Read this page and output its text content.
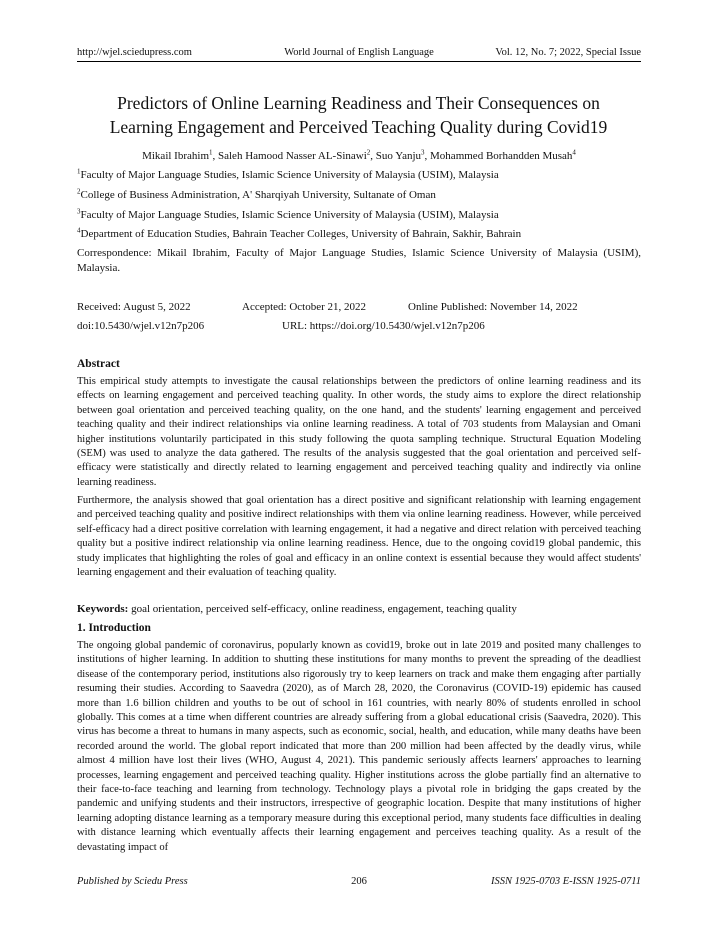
http://wjel.sciedupress.com	World Journal of English Language	Vol. 12, No. 7; 2022, Special Issue
Predictors of Online Learning Readiness and Their Consequences on
Learning Engagement and Perceived Teaching Quality during Covid19
Mikail Ibrahim$^1$, Saleh Hamood Nasser AL-Sinawi$^2$, Suo Yanju$^3$, Mohammed Borhandden Musah$^4$
$^1$Faculty of Major Language Studies, Islamic Science University of Malaysia (USIM), Malaysia
$^2$College of Business Administration, A' Sharqiyah University, Sultanate of Oman
$^3$Faculty of Major Language Studies, Islamic Science University of Malaysia (USIM), Malaysia
$^4$Department of Education Studies, Bahrain Teacher Colleges, University of Bahrain, Sakhir, Bahrain
Correspondence: Mikail Ibrahim, Faculty of Major Language Studies, Islamic Science University of Malaysia (USIM), Malaysia.
Received: August 5, 2022	Accepted: October 21, 2022	Online Published: November 14, 2022
doi:10.5430/wjel.v12n7p206	URL: https://doi.org/10.5430/wjel.v12n7p206
Abstract

This empirical study attempts to investigate the causal relationships between the predictors of online learning readiness and its effects on learning engagement and perceived teaching quality. In other words, the study aims to explore the direct relationship between goal orientation and perceived teaching quality, on the one hand, and the students' learning engagement and perceived teaching quality and their indirect relationships via online learning readiness. A total of 703 students from Malaysian and Omani higher institutions voluntarily participated in this study following the quota sampling technique. Structural Equation Modeling (SEM) was used to analyze the data gathered. The results of the analysis suggested that the goal orientation and perceived self-efficacy were statistically and directly related to learning engagement and perceived teaching quality and indirectly via online learning readiness.

Furthermore, the analysis showed that goal orientation has a direct positive and significant relationship with learning engagement and perceived teaching quality and positive indirect relationships with them via online learning readiness. However, while perceived self-efficacy had a direct positive correlation with learning engagement, it had a negative and direct relation with perceived teaching quality but a positive indirect relationship via online learning readiness. Hence, due to the ongoing covid19 global pandemic, this study implicates that highlighting the roles of goal and efficacy in an online context is essential because they would affect students' learning engagement and their evaluation of teaching quality.

Keywords: goal orientation, perceived self-efficacy, online readiness, engagement, teaching quality
1. Introduction

The ongoing global pandemic of coronavirus, popularly known as covid19, broke out in late 2019 and posited many challenges to institutions of higher learning. In addition to shutting these institutions for many months to prevent the spreading of the deadliest disease of the contemporary period, institutions also rigorously try to keep learners on track and make them engaging after partially resuming their studies. According to Saavedra (2020), as of March 28, 2020, the Coronavirus (COVID-19) epidemic has caused more than 1.6 billion children and youths to be out of school in 161 countries, with nearly 80% of students enrolled in school globally. This comes at a time when different countries are already suffering from a global educational crisis (Saavedra, 2020). This virus has become a threat to humans in many aspects, such as economic, social, health, and education, while many deaths have been recorded around the world. The global report indicated that more than 200 million had been affected by the deadly virus, while almost 4 million have lost their lives (WHO, August 4, 2021). This pandemic seriously affects learners' approaches to learning processes, learning engagement and perceived teaching quality. Higher institutions across the globe partially find an alternative to their face-to-face teaching and learning from technology. Technology plays a pivotal role in bridging the gaps created by the pandemic and unifying students and their instructors, irrespective of geographic location. Despite that many institutions of higher learning adopting distance learning as a temporary measure during this exceptional period, many students face difficulties in dealing with distance learning which eventually affects their learning engagement and perceives teaching quality. As a result of the devastating impact of

Published by Sciedu Press	206	ISSN 1925-0703 E-ISSN 1925-0711
